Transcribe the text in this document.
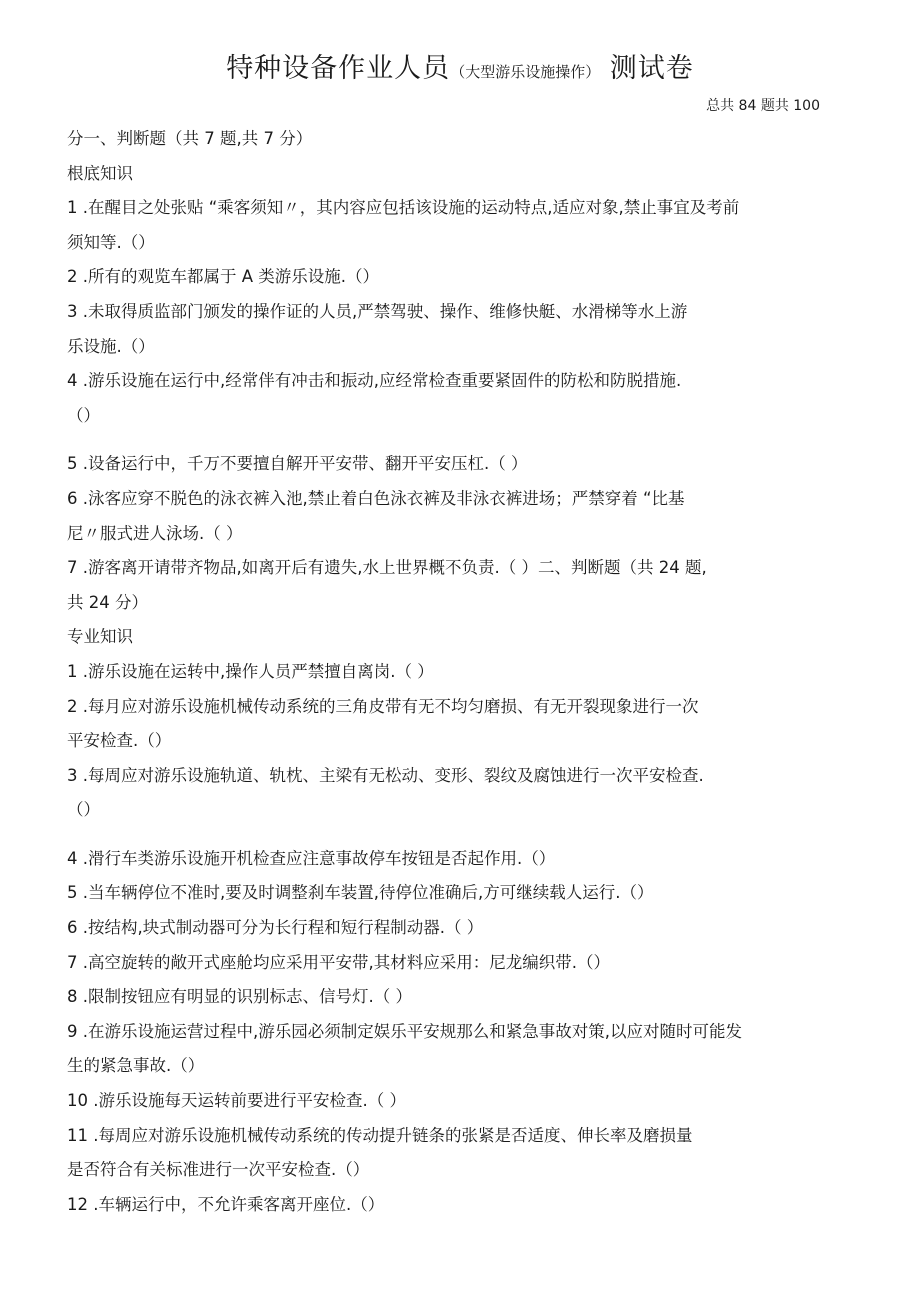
特种设备作业人员（大型游乐设施操作） 测试卷
总共 84 题共 100
分一、判断题（共 7 题,共 7 分）
根底知识
1 .在醒目之处张贴 “乘客须知〃，其内容应包括该设施的运动特点,适应对象,禁止事宜及考前
须知等.（）
2 .所有的观览车都属于 A 类游乐设施.（）
3 .未取得质监部门颁发的操作证的人员,严禁驾驶、操作、维修快艇、水滑梯等水上游
乐设施.（）
4 .游乐设施在运行中,经常伴有冲击和振动,应经常检查重要紧固件的防松和防脱措施.
（）
5 .设备运行中，千万不要擅自解开平安带、翻开平安压杠.（ ）
6 .泳客应穿不脱色的泳衣裤入池,禁止着白色泳衣裤及非泳衣裤进场；严禁穿着 “比基
尼〃服式进人泳场.（ ）
7 .游客离开请带齐物品,如离开后有遗失,水上世界概不负责.（ ）二、判断题（共 24 题,
共 24 分）
专业知识
1 .游乐设施在运转中,操作人员严禁擅自离岗.（ ）
2 .每月应对游乐设施机械传动系统的三角皮带有无不均匀磨损、有无开裂现象进行一次
平安检查.（）
3 .每周应对游乐设施轨道、轨枕、主梁有无松动、变形、裂纹及腐蚀进行一次平安检查.
（）
4 .滑行车类游乐设施开机检查应注意事故停车按钮是否起作用.（）
5 .当车辆停位不准时,要及时调整刹车装置,待停位准确后,方可继续载人运行.（）
6 .按结构,块式制动器可分为长行程和短行程制动器.（ ）
7 .高空旋转的敞开式座舱均应采用平安带,其材料应采用：尼龙编织带.（）
8 .限制按钮应有明显的识别标志、信号灯.（ ）
9 .在游乐设施运营过程中,游乐园必须制定娱乐平安规那么和紧急事故对策,以应对随时可能发
生的紧急事故.（）
10 .游乐设施每天运转前要进行平安检查.（ ）
11 .每周应对游乐设施机械传动系统的传动提升链条的张紧是否适度、伸长率及磨损量
是否符合有关标准进行一次平安检查.（）
12 .车辆运行中，不允许乘客离开座位.（）
